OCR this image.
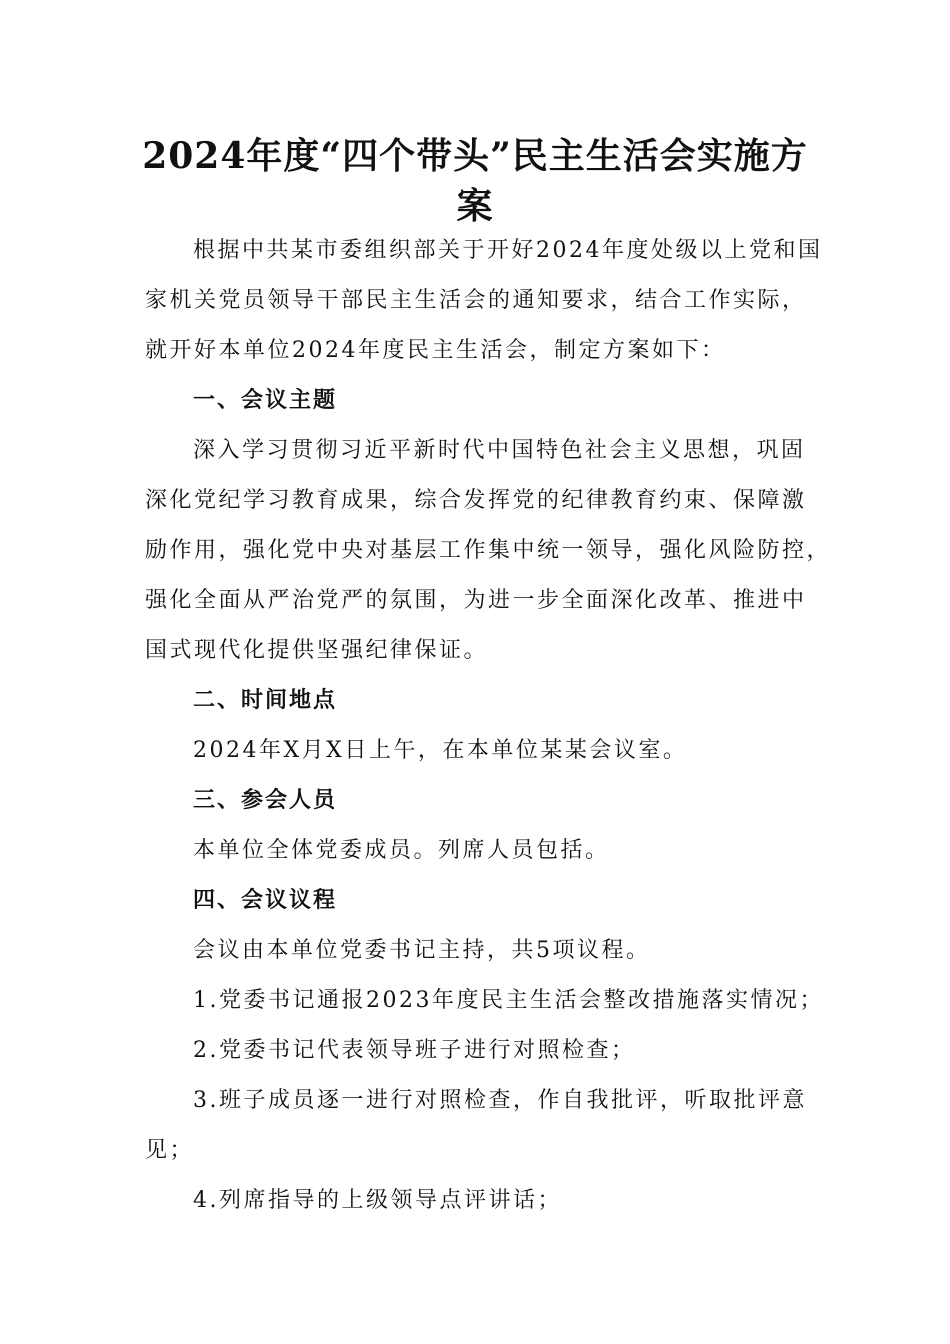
2024年度“四个带头”民主生活会实施方
案
根据中共某市委组织部关于开好2024年度处级以上党和国
家机关党员领导干部民主生活会的通知要求，结合工作实际，
就开好本单位2024年度民主生活会，制定方案如下：
一、会议主题
深入学习贯彻习近平新时代中国特色社会主义思想，巩固
深化党纪学习教育成果，综合发挥党的纪律教育约束、保障激
励作用，强化党中央对基层工作集中统一领导，强化风险防控，
强化全面从严治党严的氛围，为进一步全面深化改革、推进中
国式现代化提供坚强纪律保证。
二、时间地点
2024年X月X日上午，在本单位某某会议室。
三、参会人员
本单位全体党委成员。列席人员包括。
四、会议议程
会议由本单位党委书记主持，共5项议程。
1.党委书记通报2023年度民主生活会整改措施落实情况；
2.党委书记代表领导班子进行对照检查；
3.班子成员逐一进行对照检查，作自我批评，听取批评意
见；
4.列席指导的上级领导点评讲话；
